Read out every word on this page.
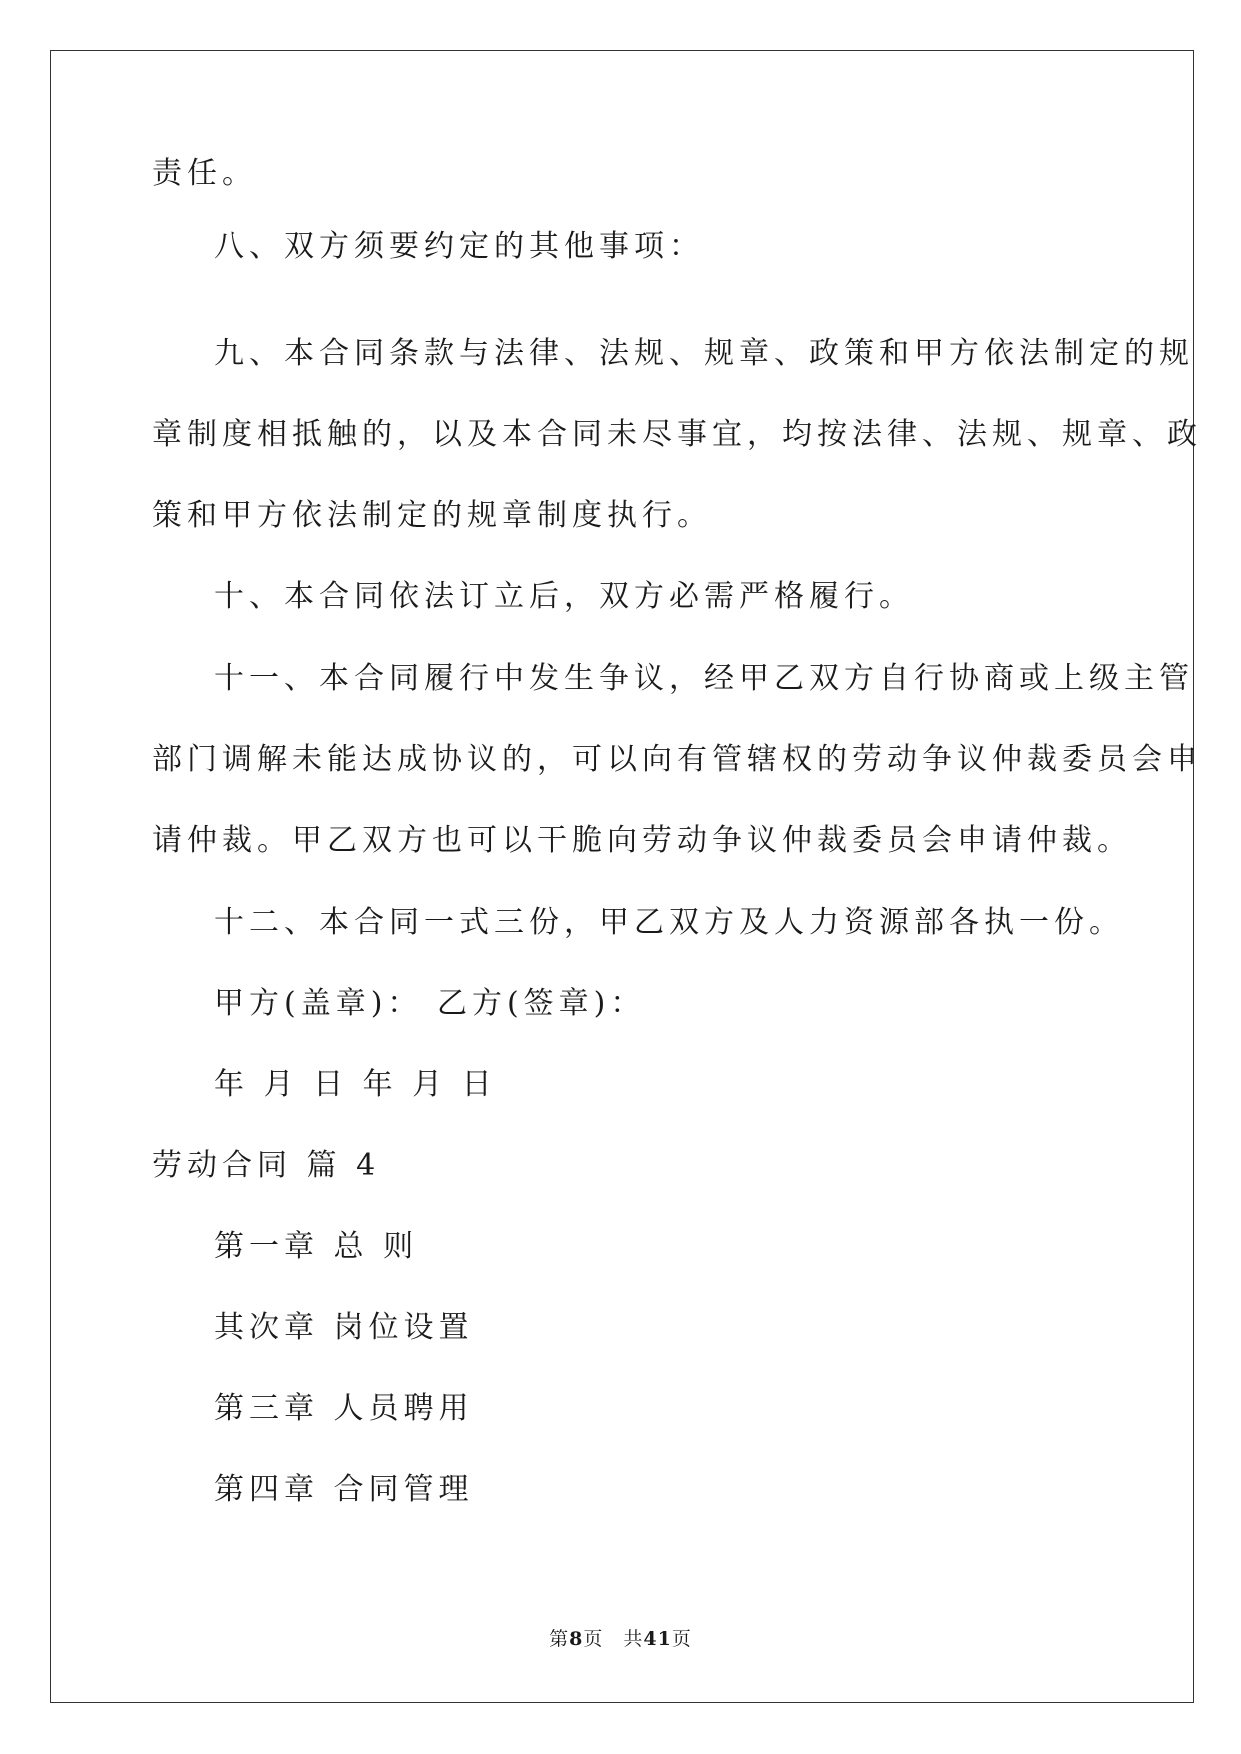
责任。
八、双方须要约定的其他事项：
九、本合同条款与法律、法规、规章、政策和甲方依法制定的规
章制度相抵触的，以及本合同未尽事宜，均按法律、法规、规章、政
策和甲方依法制定的规章制度执行。
十、本合同依法订立后，双方必需严格履行。
十一、本合同履行中发生争议，经甲乙双方自行协商或上级主管
部门调解未能达成协议的，可以向有管辖权的劳动争议仲裁委员会申
请仲裁。甲乙双方也可以干脆向劳动争议仲裁委员会申请仲裁。
十二、本合同一式三份，甲乙双方及人力资源部各执一份。
甲方(盖章)： 乙方(签章)：
年 月 日 年 月 日
劳动合同 篇 4
第一章 总 则
其次章 岗位设置
第三章 人员聘用
第四章 合同管理
第8页 共41页
